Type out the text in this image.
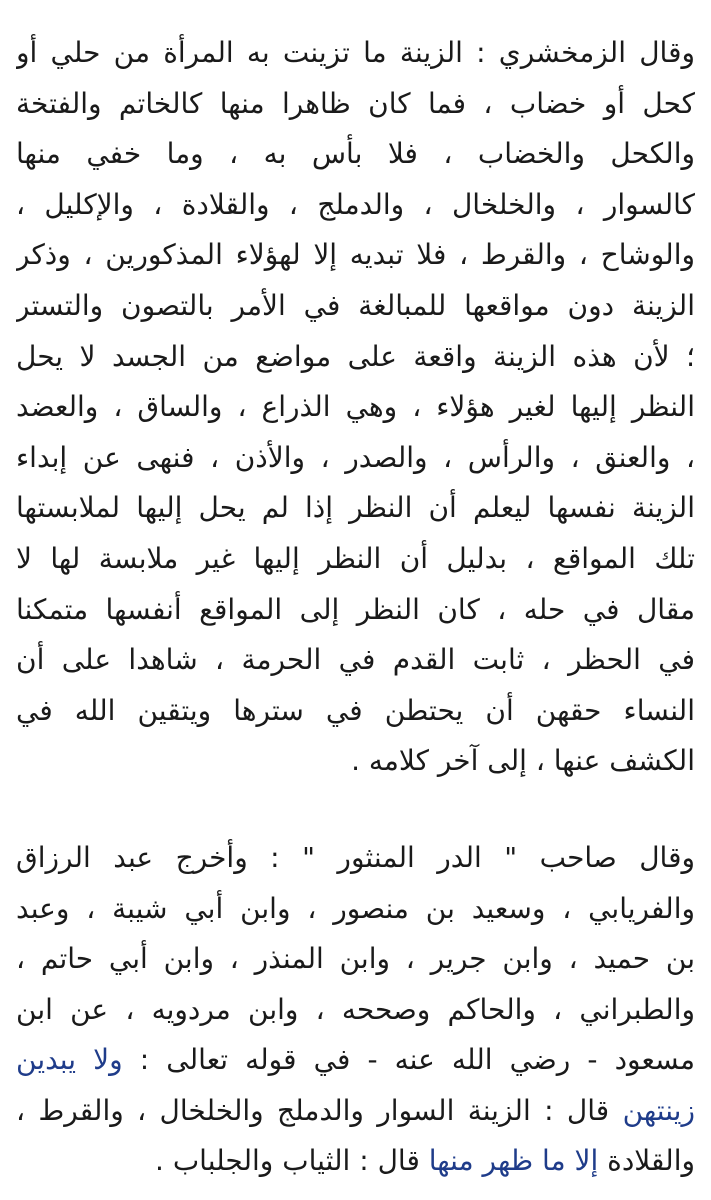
وقال الزمخشري : الزينة ما تزينت به المرأة من حلي أو
كحل أو خضاب ، فما كان ظاهرا منها كالخاتم والفتخة
والكحل والخضاب ، فلا بأس به ، وما خفي منها
كالسوار ، والخلخال ، والدملج ، والقلادة ، والإكليل ،
والوشاح ، والقرط ، فلا تبديه إلا لهؤلاء المذكورين ، وذكر
الزينة دون مواقعها للمبالغة في الأمر بالتصون والتستر
؛ لأن هذه الزينة واقعة على مواضع من الجسد لا يحل
النظر إليها لغير هؤلاء ، وهي الذراع ، والساق ، والعضد
، والعنق ، والرأس ، والصدر ، والأذن ، فنهى عن إبداء
الزينة نفسها ليعلم أن النظر إذا لم يحل إليها لملابستها
تلك المواقع ، بدليل أن النظر إليها غير ملابسة لها لا
مقال في حله ، كان النظر إلى المواقع أنفسها متمكنا
في الحظر ، ثابت القدم في الحرمة ، شاهدا على أن
النساء حقهن أن يحتطن في سترها ويتقين الله في
الكشف عنها ، إلى آخر كلامه .
وقال صاحب " الدر المنثور " : وأخرج عبد الرزاق
والفريابي ، وسعيد بن منصور ، وابن أبي شيبة ، وعبد
بن حميد ، وابن جرير ، وابن المنذر ، وابن أبي حاتم ،
والطبراني ، والحاكم وصححه ، وابن مردويه ، عن ابن
مسعود - رضي الله عنه - في قوله تعالى : ولا يبدين
زينتهن قال : الزينة السوار والدملج والخلخال ، والقرط ،
والقلادة إلا ما ظهر منها قال : الثياب والجلباب .
